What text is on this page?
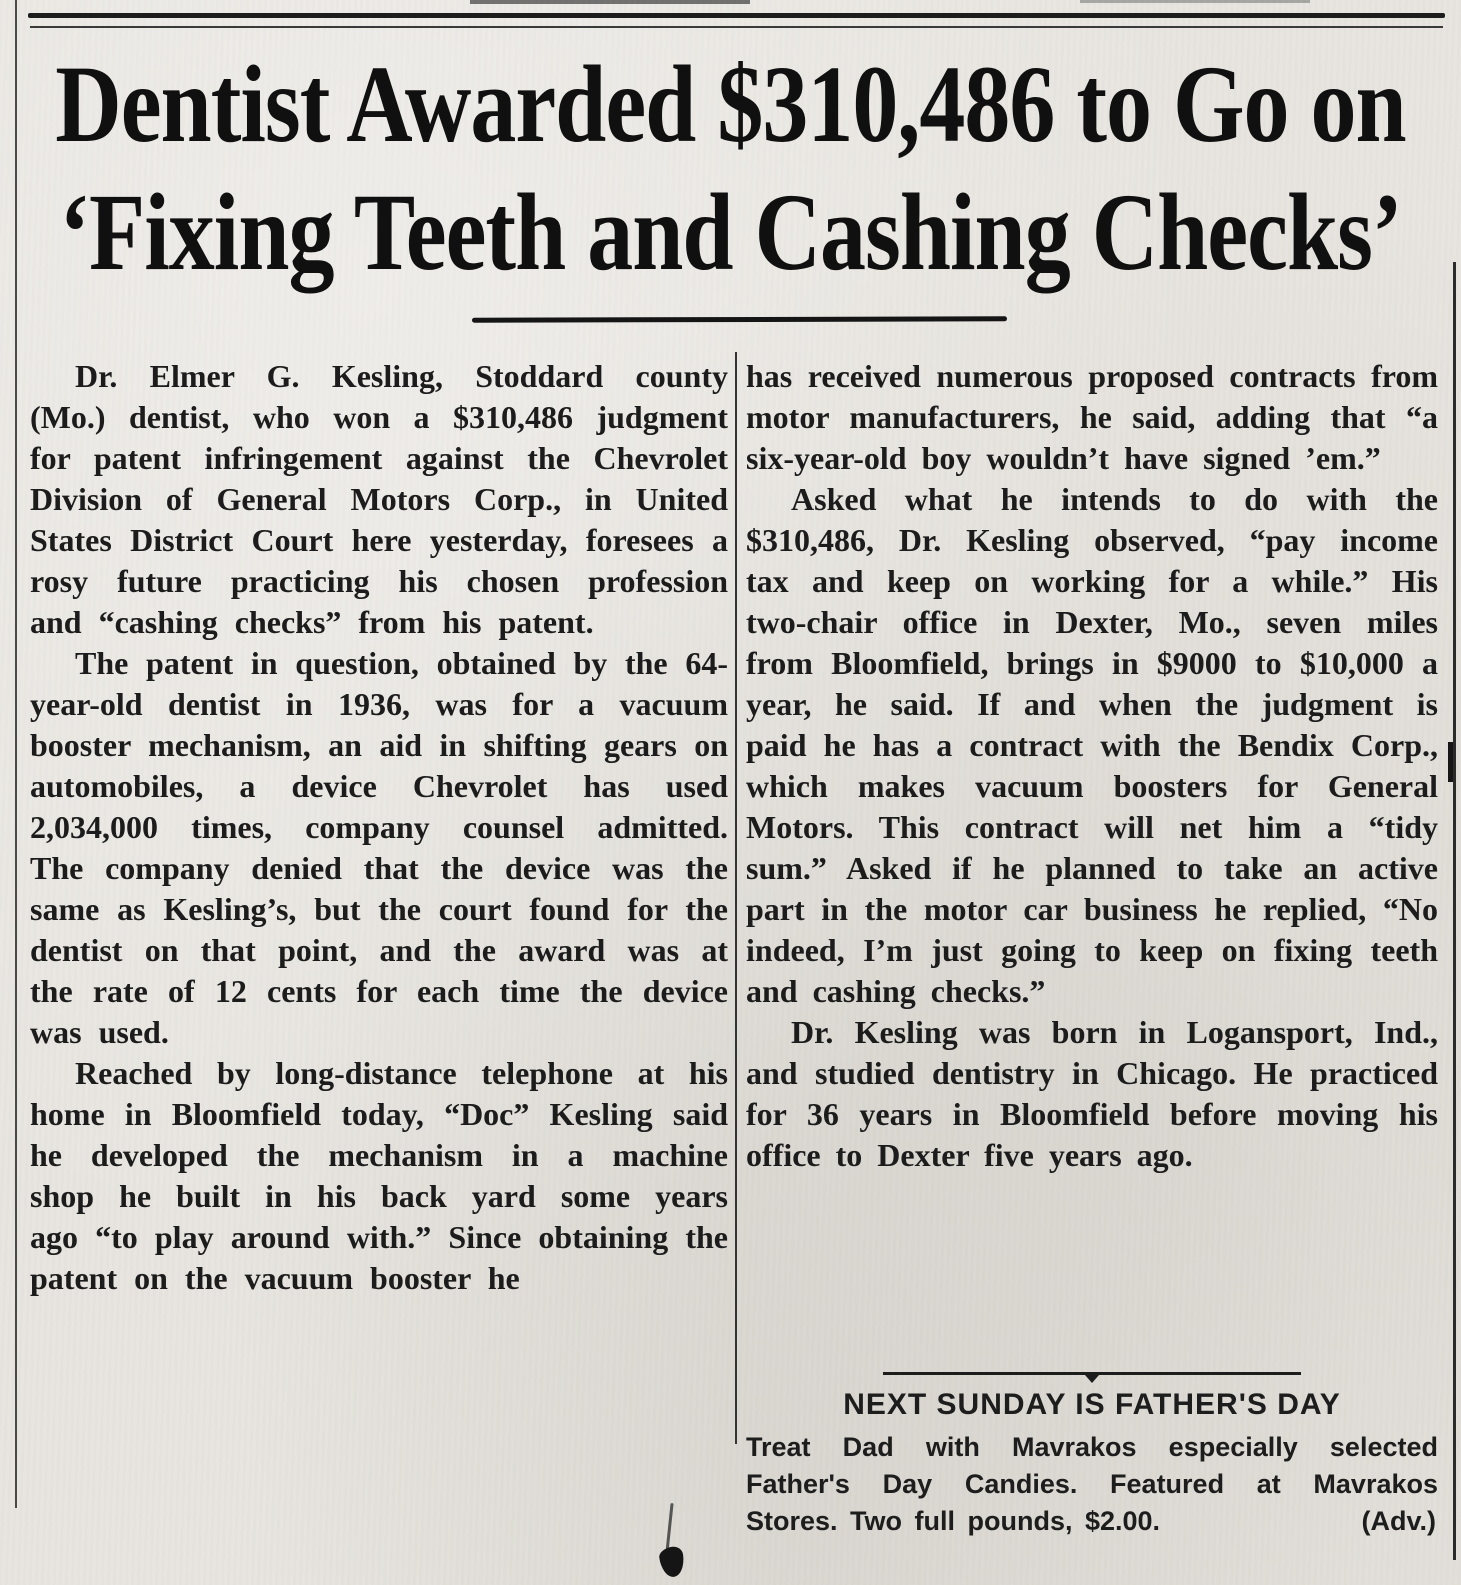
Dentist Awarded $310,486 to Go on
‘Fixing Teeth and Cashing Checks’

Dr. Elmer G. Kesling, Stoddard county (Mo.) dentist, who won a $310,486 judgment for patent infringement against the Chevrolet Division of General Motors Corp., in United States District Court here yesterday, foresees a rosy future practicing his chosen profession and “cashing checks” from his patent.

The patent in question, obtained by the 64-year-old dentist in 1936, was for a vacuum booster mechanism, an aid in shifting gears on automobiles, a device Chevrolet has used 2,034,000 times, company counsel admitted. The company denied that the device was the same as Kesling’s, but the court found for the dentist on that point, and the award was at the rate of 12 cents for each time the device was used.

Reached by long-distance telephone at his home in Bloomfield today, “Doc” Kesling said he developed the mechanism in a machine shop he built in his back yard some years ago “to play around with.” Since obtaining the patent on the vacuum booster he

has received numerous proposed contracts from motor manufacturers, he said, adding that “a six-year-old boy wouldn’t have signed ’em.”

Asked what he intends to do with the $310,486, Dr. Kesling observed, “pay income tax and keep on working for a while.” His two-chair office in Dexter, Mo., seven miles from Bloomfield, brings in $9000 to $10,000 a year, he said. If and when the judgment is paid he has a contract with the Bendix Corp., which makes vacuum boosters for General Motors. This contract will net him a “tidy sum.” Asked if he planned to take an active part in the motor car business he replied, “No indeed, I’m just going to keep on fixing teeth and cashing checks.”

Dr. Kesling was born in Logansport, Ind., and studied dentistry in Chicago. He practiced for 36 years in Bloomfield before moving his office to Dexter five years ago.

NEXT SUNDAY IS FATHER'S DAY

Treat Dad with Mavrakos especially selected Father's Day Candies. Featured at Mavrakos Stores. Two full pounds, $2.00.	(Adv.)
